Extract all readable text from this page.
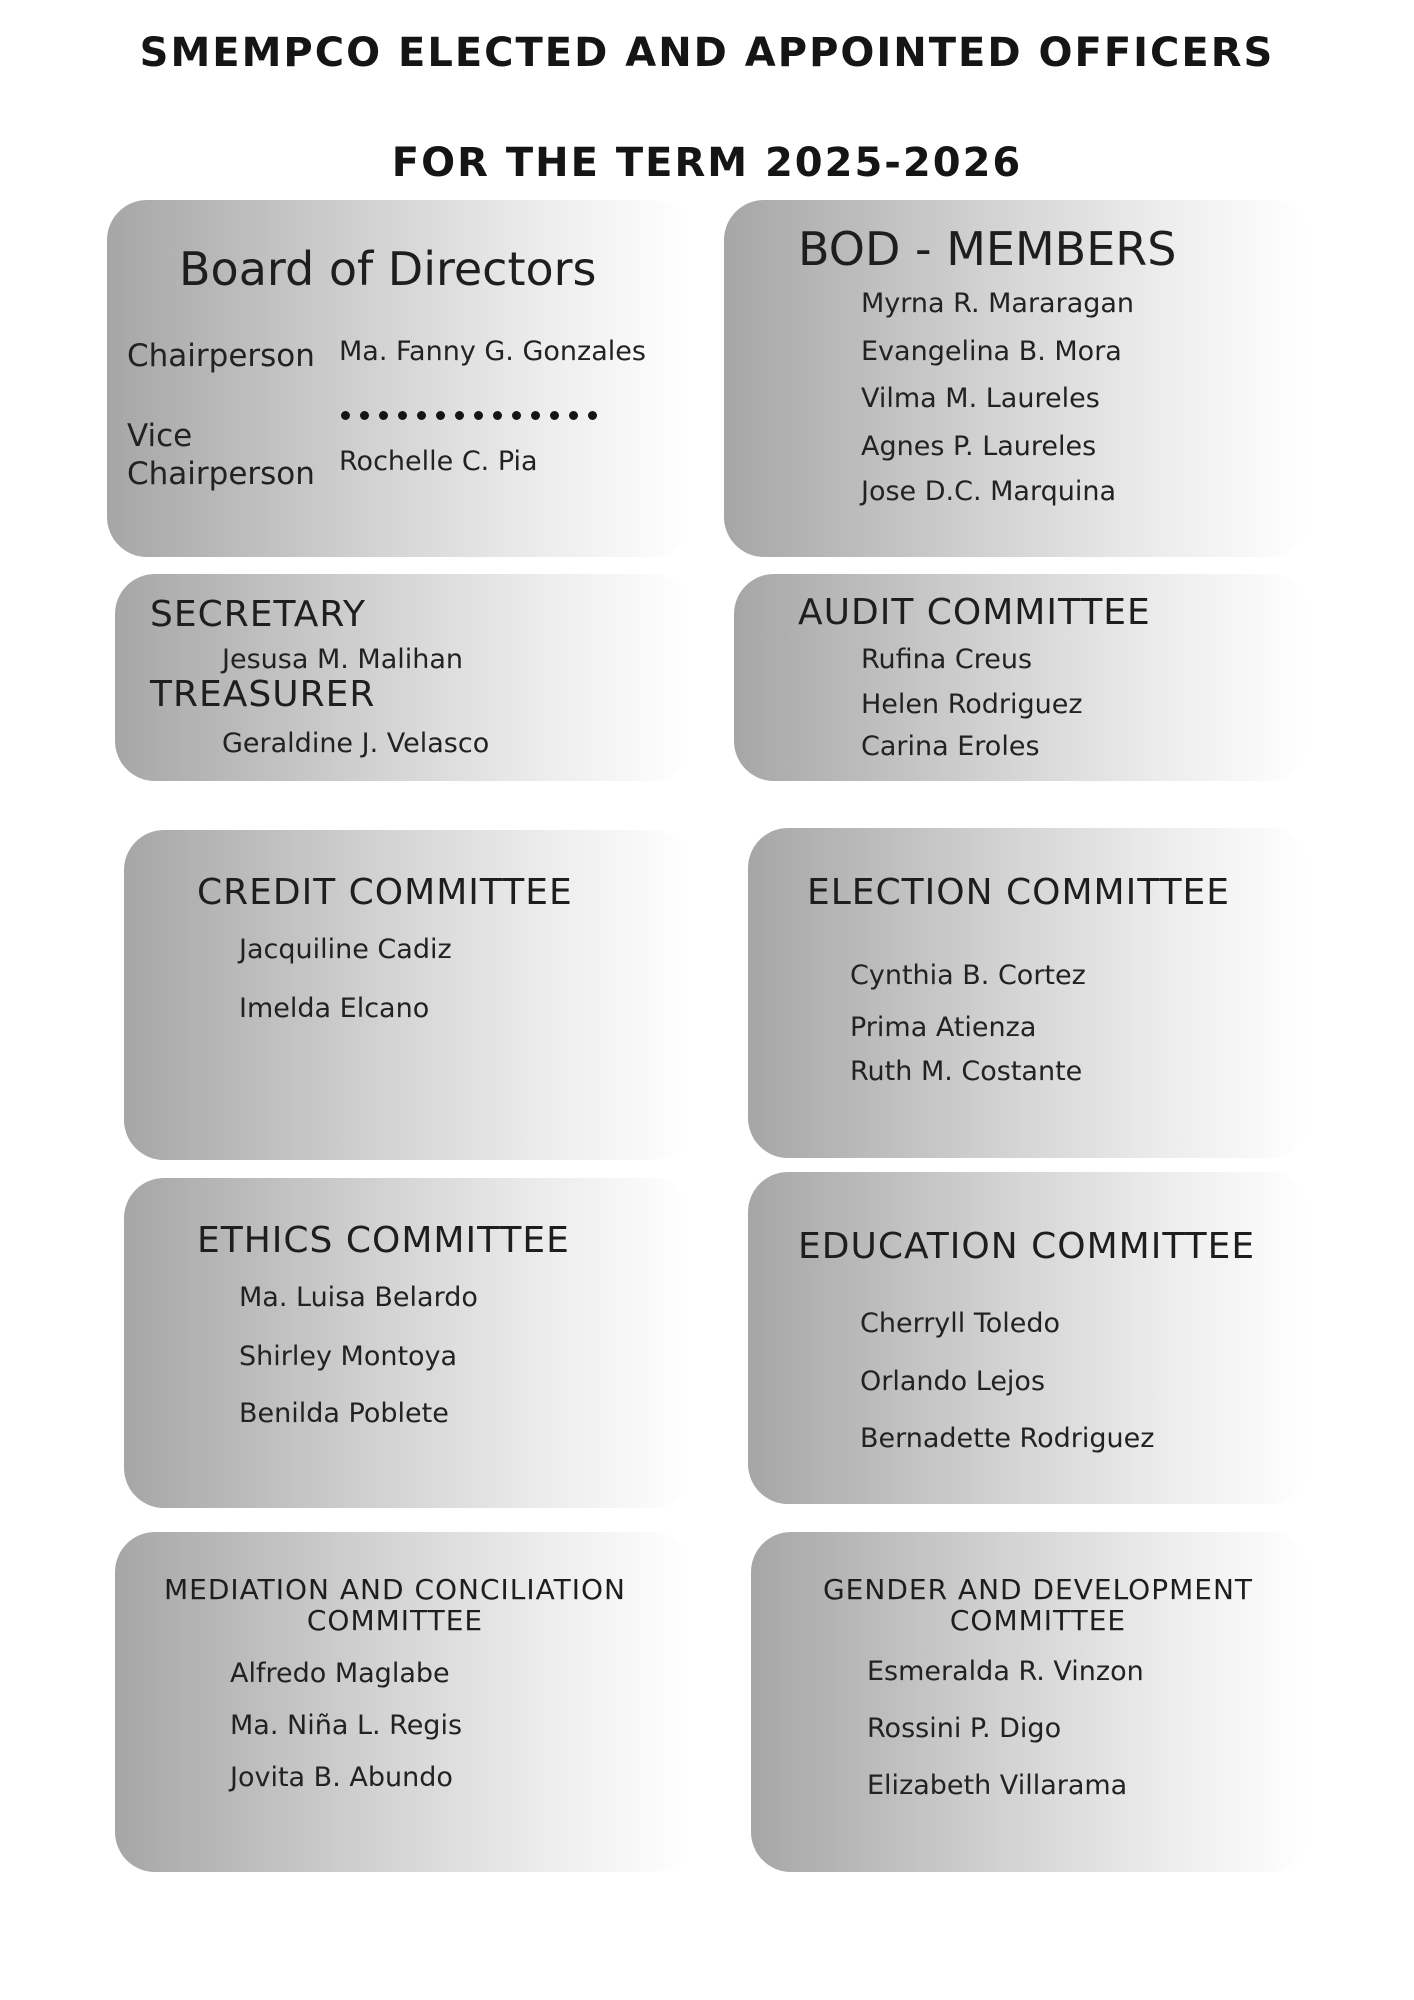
SMEMPCO ELECTED AND APPOINTED OFFICERS
FOR THE TERM 2025-2026
Board of Directors
Chairperson Ma. Fanny G. Gonzales
Vice
Chairperson Rochelle C. Pia
BOD - MEMBERS
Myrna R. Mararagan
Evangelina B. Mora
Vilma M. Laureles
Agnes P. Laureles
Jose D.C. Marquina
SECRETARY
Jesusa M. Malihan
TREASURER
Geraldine J. Velasco
AUDIT COMMITTEE
Rufina Creus
Helen Rodriguez
Carina Eroles
CREDIT COMMITTEE
Jacquiline Cadiz
Imelda Elcano
ELECTION COMMITTEE
Cynthia B. Cortez
Prima Atienza
Ruth M. Costante
ETHICS COMMITTEE
Ma. Luisa Belardo
Shirley Montoya
Benilda Poblete
EDUCATION COMMITTEE
Cherryll Toledo
Orlando Lejos
Bernadette Rodriguez
MEDIATION AND CONCILIATION
COMMITTEE
Alfredo Maglabe
Ma. Niña L. Regis
Jovita B. Abundo
GENDER AND DEVELOPMENT
COMMITTEE
Esmeralda R. Vinzon
Rossini P. Digo
Elizabeth Villarama
